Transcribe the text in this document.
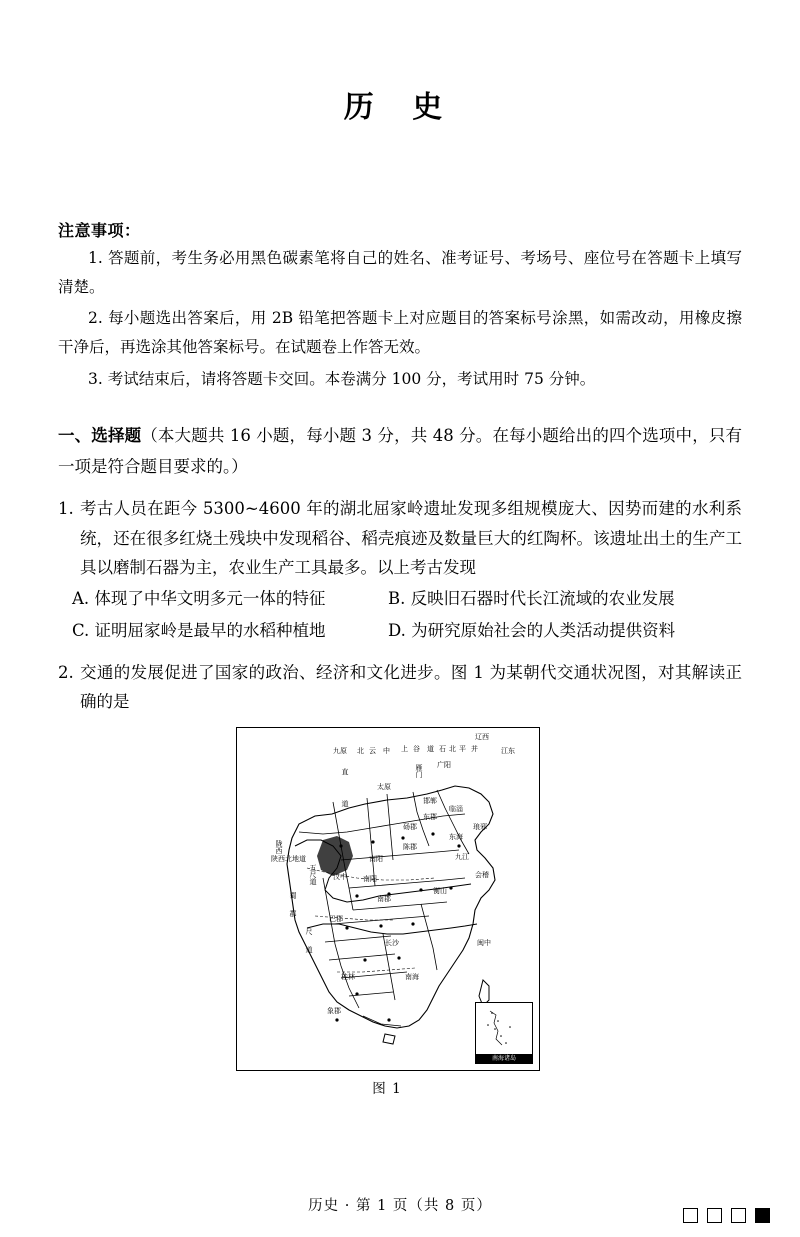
历 史
注意事项：
1. 答题前，考生务必用黑色碳素笔将自己的姓名、准考证号、考场号、座位号在答题卡上填写清楚。
2. 每小题选出答案后，用 2B 铅笔把答题卡上对应题目的答案标号涂黑，如需改动，用橡皮擦干净后，再选涂其他答案标号。在试题卷上作答无效。
3. 考试结束后，请将答题卡交回。本卷满分 100 分，考试用时 75 分钟。
一、选择题（本大题共 16 小题，每小题 3 分，共 48 分。在每小题给出的四个选项中，只有一项是符合题目要求的。）
1. 考古人员在距今 5300~4600 年的湖北屈家岭遗址发现多组规模庞大、因势而建的水利系统，还在很多红烧土残块中发现稻谷、稻壳痕迹及数量巨大的红陶杯。该遗址出土的生产工具以磨制石器为主，农业生产工具最多。以上考古发现
A. 体现了中华文明多元一体的特征	B. 反映旧石器时代长江流域的农业发展
C. 证明屈家岭是最早的水稻种植地	D. 为研究原始社会的人类活动提供资料
2. 交通的发展促进了国家的政治、经济和文化进步。图 1 为某朝代交通状况图，对其解读正确的是
九原 北 云 中 上 谷 道 石 北 平 并
辽西
江东
广阳
直
道
太原
雁门
临淄
琅邪
汉中 南阳
南郡
会稽
九江
南海
桂林
象郡
长沙
陇西
巴郡
尺
道
蜀
郡
邯郸
东郡
东海
砀郡
陈郡
南阳
衡山
闽中
五尺道
陕西北地道
南海诸岛
图 1
历史 · 第 1 页（共 8 页）
